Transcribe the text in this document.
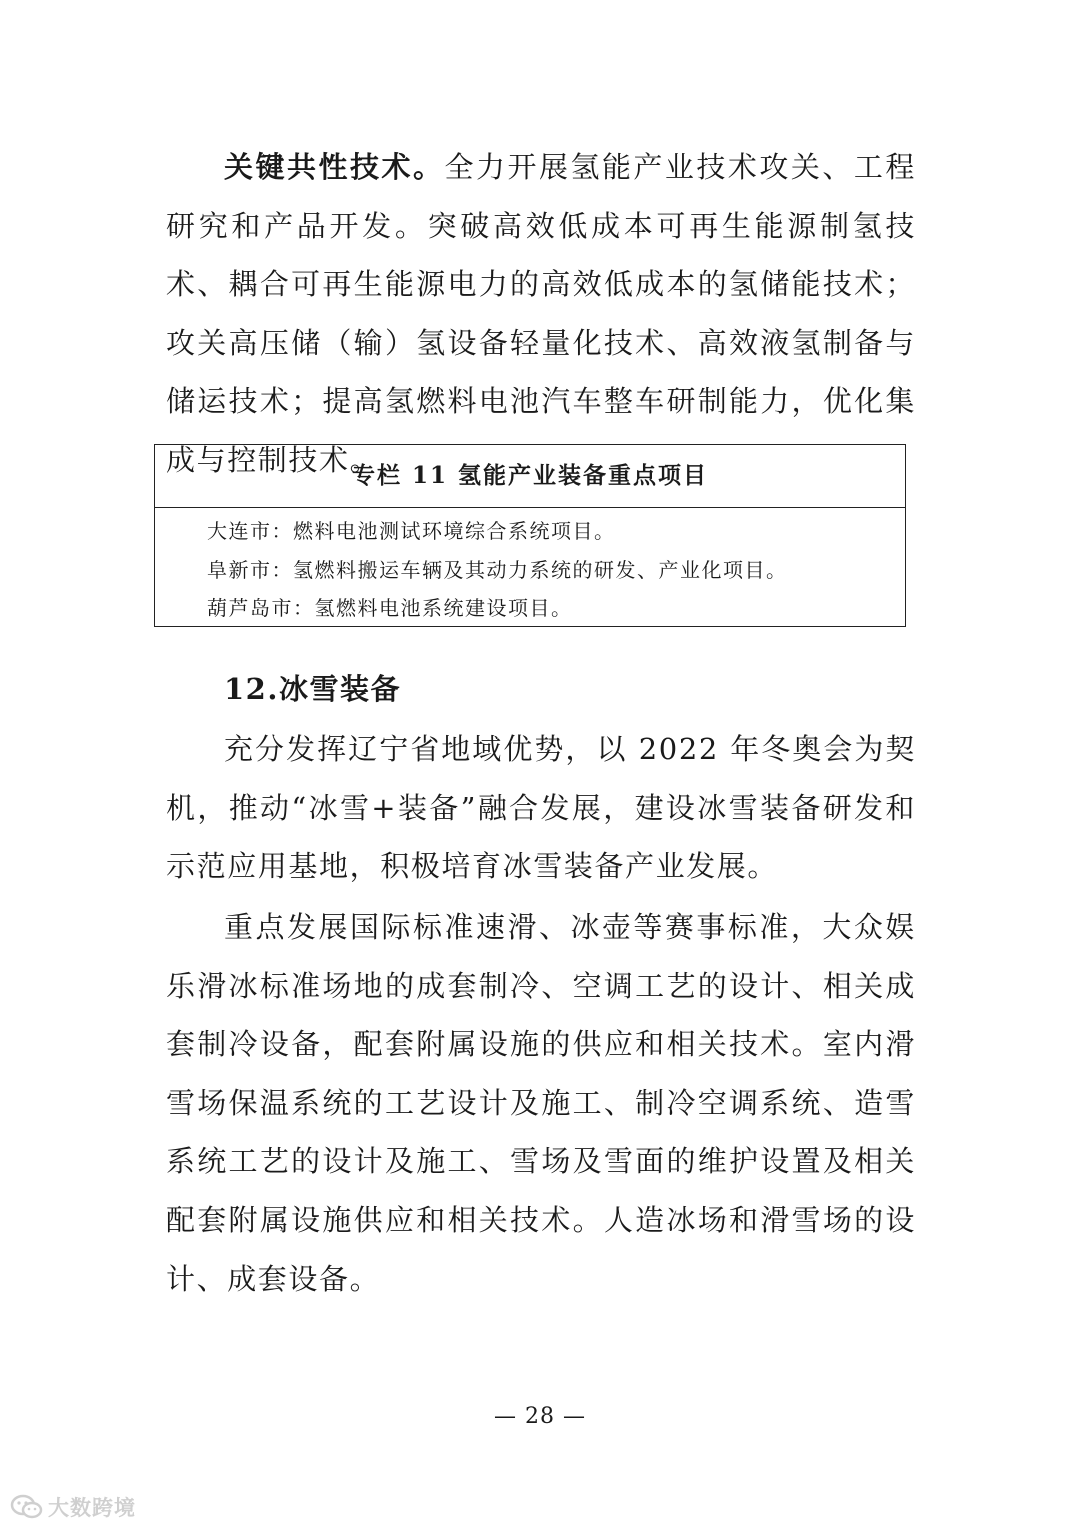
关键共性技术。全力开展氢能产业技术攻关、工程研究和产品开发。突破高效低成本可再生能源制氢技术、耦合可再生能源电力的高效低成本的氢储能技术；攻关高压储（输）氢设备轻量化技术、高效液氢制备与储运技术；提高氢燃料电池汽车整车研制能力，优化集成与控制技术。

专栏 11 氢能产业装备重点项目
大连市：燃料电池测试环境综合系统项目。
阜新市：氢燃料搬运车辆及其动力系统的研发、产业化项目。
葫芦岛市：氢燃料电池系统建设项目。
12.冰雪装备

充分发挥辽宁省地域优势，以 2022 年冬奥会为契机，推动“冰雪+装备”融合发展，建设冰雪装备研发和示范应用基地，积极培育冰雪装备产业发展。

重点发展国际标准速滑、冰壶等赛事标准，大众娱乐滑冰标准场地的成套制冷、空调工艺的设计、相关成套制冷设备，配套附属设施的供应和相关技术。室内滑雪场保温系统的工艺设计及施工、制冷空调系统、造雪系统工艺的设计及施工、雪场及雪面的维护设置及相关配套附属设施供应和相关技术。人造冰场和滑雪场的设计、成套设备。

— 28 —
大数跨境
